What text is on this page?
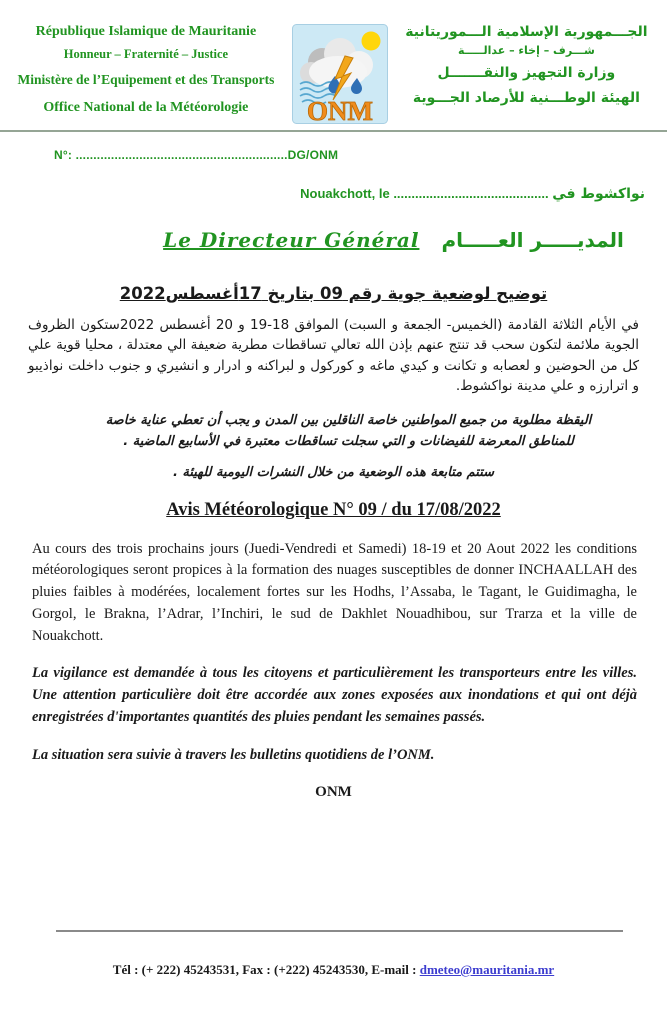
République Islamique de Mauritanie
Honneur – Fraternité – Justice
Ministère de l’Equipement et des Transports
Office National de la Météorologie	ONM
الجـــمهورية الإسلامية الـــموريتانية
شـــرف – إخاء – عدالـــــة
وزارة التجهيز والنقـــــــل
الهيئة الوطـــنية للأرصاد الجـــوية
N°: ............................................................DG/ONM
Nouakchott, le ........................................... نواكشوط في
Le Directeur Général المديـــــر العـــــام
توضيح لوضعية جوية رقم 09 بتاريخ 17أغسطس2022
في الأيام الثلاثة القادمة (الخميس- الجمعة و السبت) الموافق 18-19 و 20 أغسطس 2022ستكون الظروف الجوية ملائمة لتكون سحب قد تنتج عنهم بإذن الله تعالي تساقطات مطرية ضعيفة الي معتدلة ، محليا قوية علي كل من الحوضين و لعصابه و تكانت و كيدي ماغه و كوركول و لبراكنه و ادرار و انشيري و جنوب داخلت نواذيبو و اترارزه و علي مدينة نواكشوط.
اليقظة مطلوبة من جميع المواطنين خاصة الناقلين بين المدن و يجب أن تعطي عناية خاصة للمناطق المعرضة للفيضانات و التي سجلت تساقطات معتبرة في الأسابيع الماضية .
ستتم متابعة هذه الوضعية من خلال النشرات اليومية للهيئة .
Avis Météorologique N° 09 / du 17/08/2022
Au cours des trois prochains jours (Juedi-Vendredi et Samedi) 18-19 et 20 Aout 2022 les conditions météorologiques seront propices à la formation des nuages susceptibles de donner INCHAALLAH des pluies faibles à modérées, localement fortes sur les Hodhs, l’Assaba, le Tagant, le Guidimagha, le Gorgol, le Brakna, l’Adrar, l’Inchiri, le sud de Dakhlet Nouadhibou, sur Trarza et la ville de Nouakchott.
La vigilance est demandée à tous les citoyens et particulièrement les transporteurs entre les villes. Une attention particulière doit être accordée aux zones exposées aux inondations et qui ont déjà enregistrées d'importantes quantités des pluies pendant les semaines passés.
La situation sera suivie à travers les bulletins quotidiens de l’ONM.
ONM
Tél : (+ 222) 45243531, Fax : (+222) 45243530, E-mail : dmeteo@mauritania.mr
